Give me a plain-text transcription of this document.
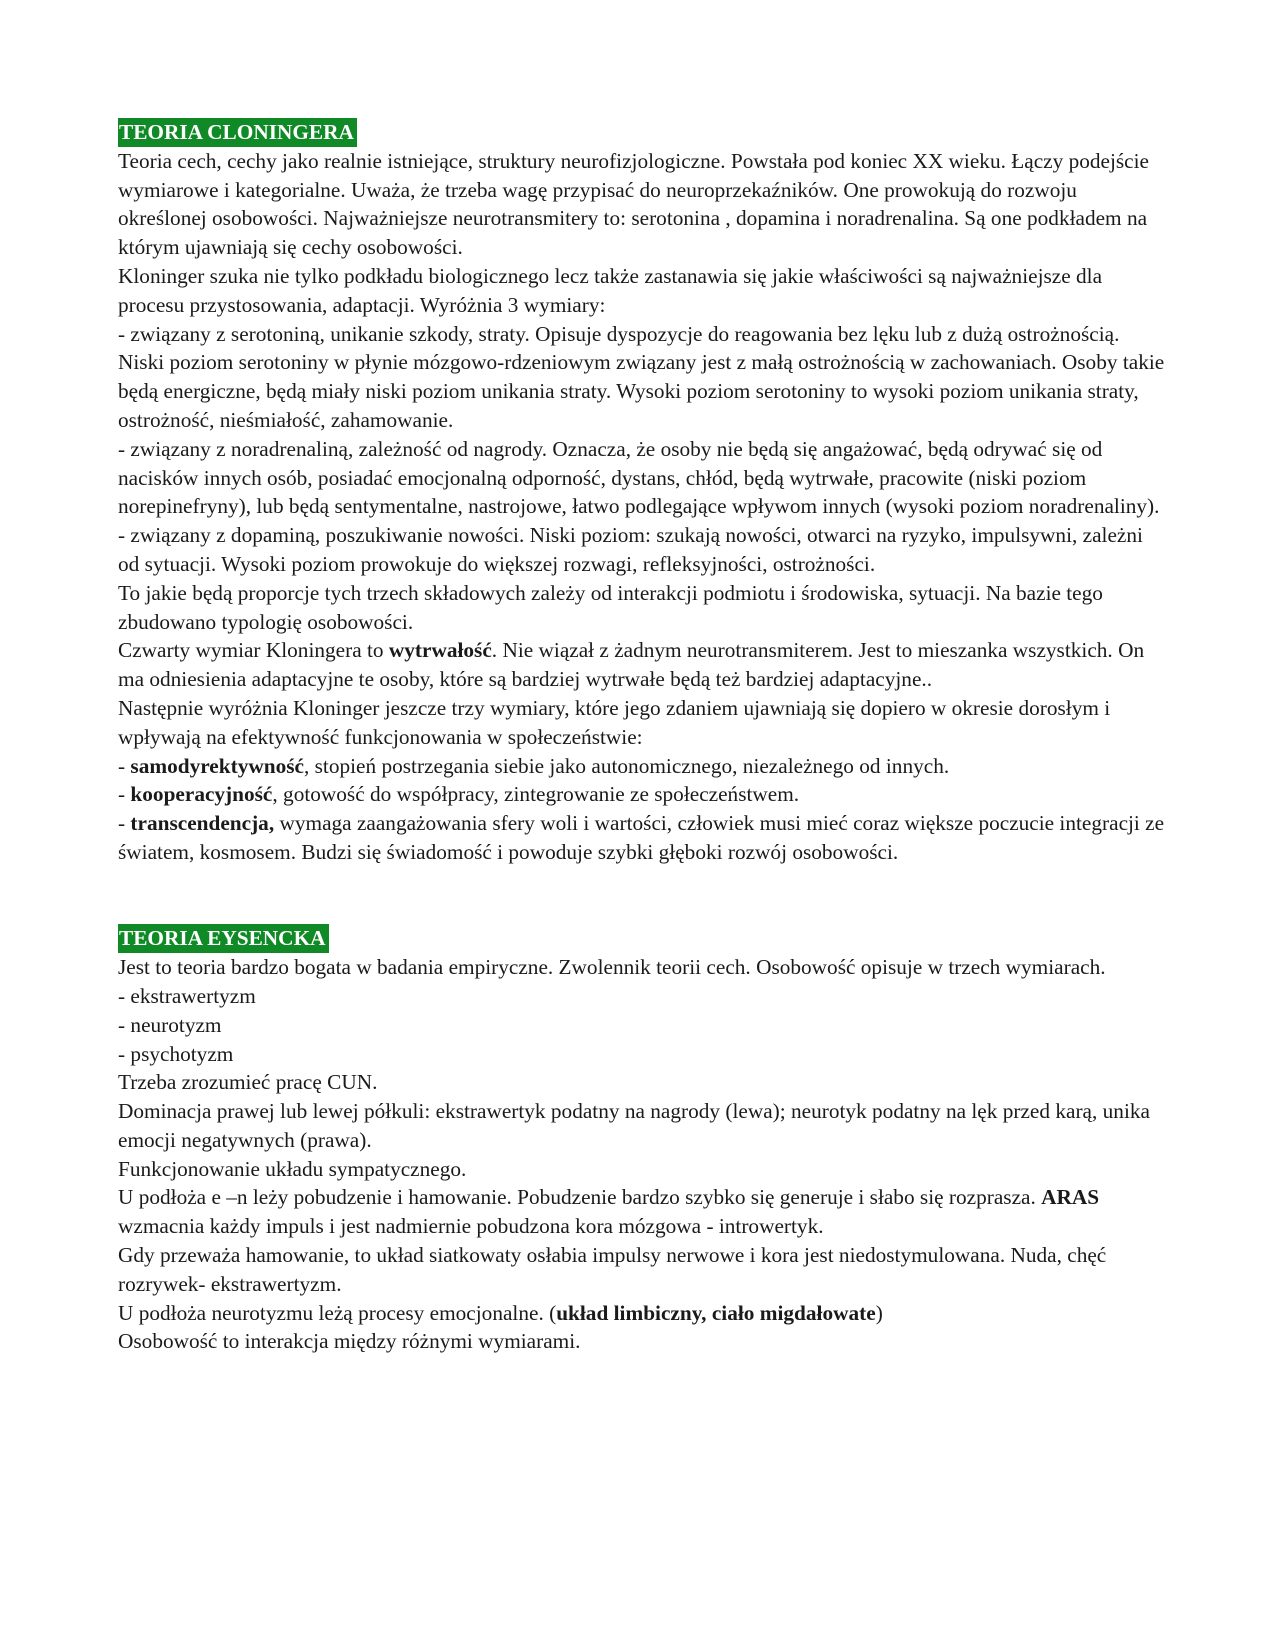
TEORIA CLONINGERA

Teoria cech, cechy jako realnie istniejące, struktury neurofizjologiczne. Powstała pod koniec XX wieku. Łączy podejście wymiarowe i kategorialne. Uważa, że trzeba wagę przypisać do neuroprzekaźników. One prowokują do rozwoju określonej osobowości. Najważniejsze neurotransmitery to: serotonina , dopamina i noradrenalina. Są one podkładem na którym ujawniają się cechy osobowości.

Kloninger szuka nie tylko podkładu biologicznego lecz także zastanawia się jakie właściwości są najważniejsze dla procesu przystosowania, adaptacji. Wyróżnia 3 wymiary:

- związany z serotoniną, unikanie szkody, straty. Opisuje dyspozycje do reagowania bez lęku lub z dużą ostrożnością. Niski poziom serotoniny w płynie mózgowo-rdzeniowym związany jest z małą ostrożnością w zachowaniach. Osoby takie będą energiczne, będą miały niski poziom unikania straty. Wysoki poziom serotoniny to wysoki poziom unikania straty, ostrożność, nieśmiałość, zahamowanie.

- związany z noradrenaliną, zależność od nagrody. Oznacza, że osoby nie będą się angażować, będą odrywać się od nacisków innych osób, posiadać emocjonalną odporność, dystans, chłód, będą wytrwałe, pracowite (niski poziom norepinefryny), lub będą sentymentalne, nastrojowe, łatwo podlegające wpływom innych (wysoki poziom noradrenaliny).

- związany z dopaminą, poszukiwanie nowości. Niski poziom: szukają nowości, otwarci na ryzyko, impulsywni, zależni od sytuacji. Wysoki poziom prowokuje do większej rozwagi, refleksyjności, ostrożności.

To jakie będą proporcje tych trzech składowych zależy od interakcji podmiotu i środowiska, sytuacji. Na bazie tego zbudowano typologię osobowości.

Czwarty wymiar Kloningera to wytrwałość. Nie wiązał z żadnym neurotransmiterem. Jest to mieszanka wszystkich. On ma odniesienia adaptacyjne te osoby, które są bardziej wytrwałe będą też bardziej adaptacyjne..

Następnie wyróżnia Kloninger jeszcze trzy wymiary, które jego zdaniem ujawniają się dopiero w okresie dorosłym i wpływają na efektywność funkcjonowania w społeczeństwie:

- samodyrektywność, stopień postrzegania siebie jako autonomicznego, niezależnego od innych.

- kooperacyjność, gotowość do współpracy, zintegrowanie ze społeczeństwem.

- transcendencja, wymaga zaangażowania sfery woli i wartości, człowiek musi mieć coraz większe poczucie integracji ze światem, kosmosem. Budzi się świadomość i powoduje szybki głęboki rozwój osobowości.

TEORIA EYSENCKA

Jest to teoria bardzo bogata w badania empiryczne. Zwolennik teorii cech. Osobowość opisuje w trzech wymiarach.

- ekstrawertyzm

- neurotyzm

- psychotyzm

Trzeba zrozumieć pracę CUN.

Dominacja prawej lub lewej półkuli: ekstrawertyk podatny na nagrody (lewa); neurotyk podatny na lęk przed karą, unika emocji negatywnych (prawa).

Funkcjonowanie układu sympatycznego.

U podłoża e –n leży pobudzenie i hamowanie. Pobudzenie bardzo szybko się generuje i słabo się rozprasza. ARAS wzmacnia każdy impuls i jest nadmiernie pobudzona kora mózgowa - introwertyk.

Gdy przeważa hamowanie, to układ siatkowaty osłabia impulsy nerwowe i kora jest niedostymulowana. Nuda, chęć rozrywek- ekstrawertyzm.

U podłoża neurotyzmu leżą procesy emocjonalne. (układ limbiczny, ciało migdałowate)

Osobowość to interakcja między różnymi wymiarami.
